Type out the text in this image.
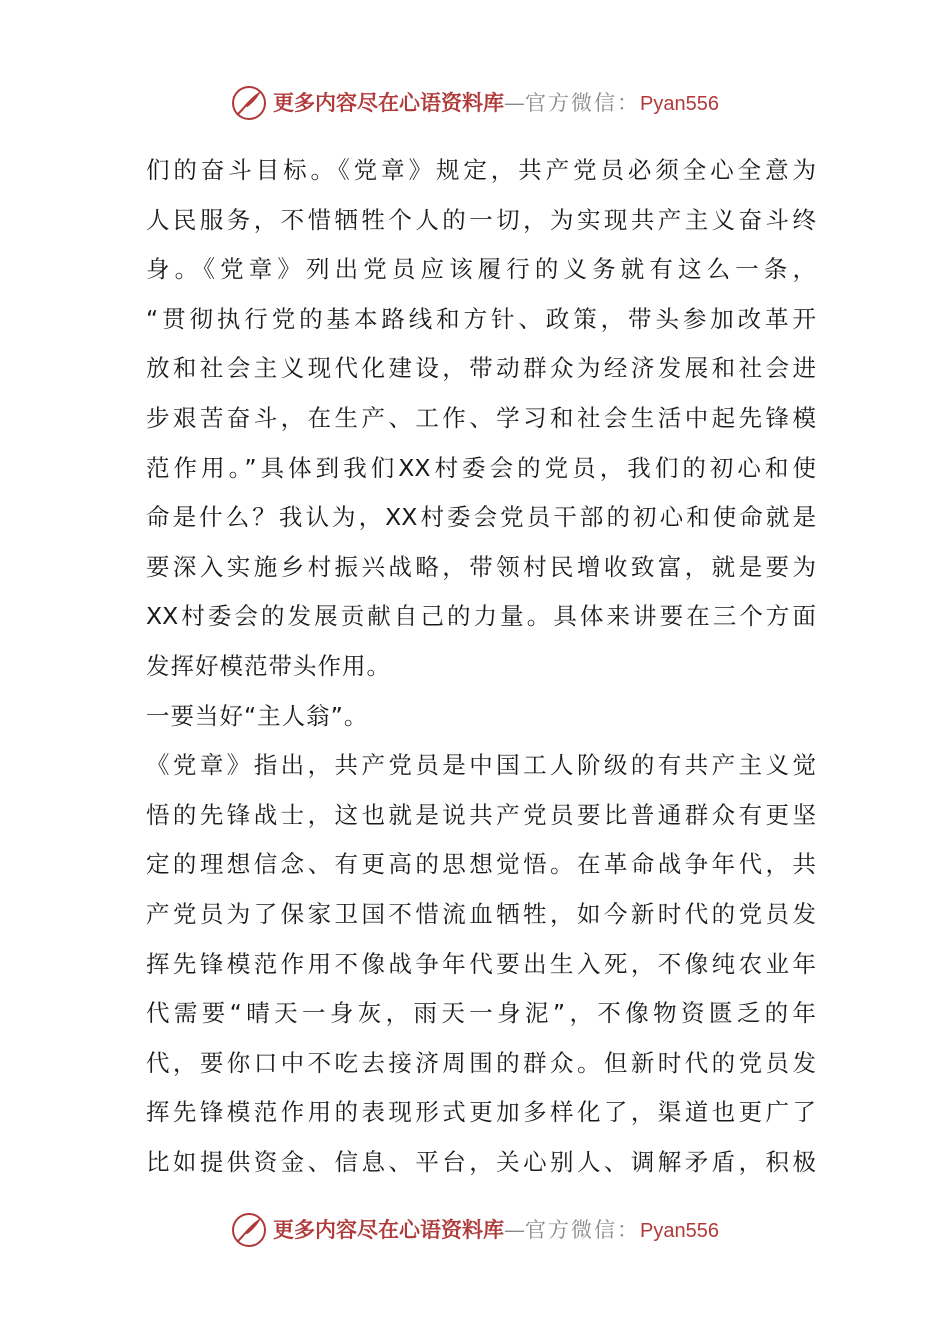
更多内容尽在心语资料库 — 官方微信： Pyan556
们的奋斗目标。《党章》规定，共产党员必须全心全意为
人民服务，不惜牺牲个人的一切，为实现共产主义奋斗终
身。《党章》列出党员应该履行的义务就有这么一条，
“贯彻执行党的基本路线和方针、政策，带头参加改革开
放和社会主义现代化建设，带动群众为经济发展和社会进
步艰苦奋斗，在生产、工作、学习和社会生活中起先锋模
范作用。”具体到我们XX村委会的党员，我们的初心和使
命是什么？我认为，XX村委会党员干部的初心和使命就是
要深入实施乡村振兴战略，带领村民增收致富，就是要为
XX村委会的发展贡献自己的力量。具体来讲要在三个方面
发挥好模范带头作用。
一要当好“主人翁”。
《党章》指出，共产党员是中国工人阶级的有共产主义觉
悟的先锋战士，这也就是说共产党员要比普通群众有更坚
定的理想信念、有更高的思想觉悟。在革命战争年代，共
产党员为了保家卫国不惜流血牺牲，如今新时代的党员发
挥先锋模范作用不像战争年代要出生入死，不像纯农业年
代需要“晴天一身灰，雨天一身泥”，不像物资匮乏的年
代，要你口中不吃去接济周围的群众。但新时代的党员发
挥先锋模范作用的表现形式更加多样化了，渠道也更广了
比如提供资金、信息、平台，关心别人、调解矛盾，积极
更多内容尽在心语资料库 — 官方微信： Pyan556
